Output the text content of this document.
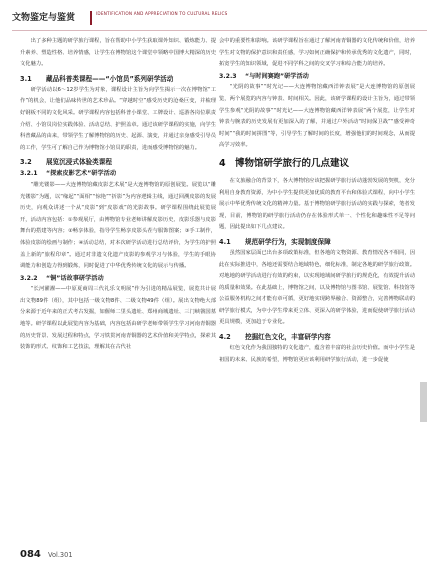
文物鉴定与鉴赏	IDENTIFICATION AND APPRECIATION TO CULTURAL RELICS

出了多种主题的研学旅行课程，旨在帮助中小学生获取课外知识、锻炼能力、提升素养、塑造性格、培养情感，让学生在博物馆这个课堂中领略中国博大精深的历史文化魅力。

3.1 藏品科普类课程——“小馆员”系列研学活动

研学活动以6～12岁学生为对象，课程设计主旨为向学生揭示一次在博物馆“工作”的机会，让他们品味传世的艺术珍品。“穿越时空”感受历史的沧桑巨变，并梳理好钢板不同的文化风采。研学课程内容包括科普小课堂、工牌设计、巡游各岗位职责介绍、小馆员岗位实践体验、活动总结、护照盖章。通过该研学课程的实施，向学生科普藏品的由来，带领学生了解博物馆的历史、起源、演变，并通过亲身感受引导员的工作，学生可了解自己作为博物馆小馆员的职责，进而感受博物馆的魅力。

3.2 展览沉浸式体验类课程
3.2.1 “探索皮影艺术”研学活动

“雕光镂影——大连博物馆藏皮影艺术展”是大连博物馆的原创展览。展览以“雕光镂影”为题，以“缘起”“面相”“惊艳”“折影”为内容逻辑主线，通过回溯皮影的发展历史，向观众讲述一个从“皮影”到“皮影戏”的光影故事。研学课程围绕此展览展开，活动内容包括：①参观展厅，由博物馆专业老师讲解皮影历史、皮影乐器与皮影舞台的搭建等内容；②畅享体验，指导学生畅享皮影头茬与服饰图案；③手工制作，体验皮影的绘画与制作；④活动总结，对本次研学活动进行总结评价，为学生的护照盖上新的“旅程印章”。通过对非遗文化遗产皮影的参观学习与体验，学生的手眼协调能力和创造力得到锻炼，同时促进了中华优秀传统文化的展示与传播。

3.2.2 “铜”话故事研学活动

“长河濯濯——中原夏商周三代礼乐文明展”作为引进的精品展览，展览共计展出文物89件（组），其中包括一级文物8件、二级文物49件（组）。展出文物绝大部分来源于近年来的正式考古发掘，如偃师二里头遗址、郑州商城遗址、三门峡虢国墓地等。研学课程以此展览内容为基础，内容包括由研学老师带领学生学习河南青铜器的历史背景、发展过程和特点，学习铁贯河南青铜器的艺术价值和美学特点，探索其装饰的形式、纹饰和工艺技法，理解其在古代社

会中的重要性和影响。该研学课程旨在通过了解河南青铜器的文化传统和价值，培养学生对文物的保护意识和责任感，学习如何正确保护和传承优秀的文化遗产，同时，拓宽学生的知识领域，促进不同学科之间的交叉学习和综合能力的培养。

3.2.3 “与时间赛跑”研学活动

“光阴的故事”“时光记——大连博物馆藏西洋钟表展”是大连博物馆的原创展览，两个展览的内容与钟表、时间相关。因此，该研学课程的设计主旨为，通过带领学生参观“光阴的故事”“时光记——大连博物馆藏西洋钟表展”两个展览，让学生对钟表与腕表的历史发展有更加深入的了解，并通过户外活动“时间保卫战”“感受神奇时间”“我的时间拼图”等，引导学生了解时间的长度，增强他们的时间观念，从而提高学习效率。

4 博物馆研学旅行的几点建议

在文旅融合的背景下，各大博物馆应该把握研学旅行活动蓬勃发展的契机，充分利用自身教育资源，为中小学生提供更加优质的教育平台和体验式课程，向中小学生展示中华优秀传统文化的精神力量。基于博物馆研学旅行活动的实践与探索，笔者发现，目前，博物馆的研学旅行活动仍存在体验形式单一、个性化和趣味性不足等问题，因此提出如下几点建议。

4.1 规范研学行为，实现制度保障

虽然国家层面已出台多项政策标准，但各地的文物资源、教育情况各不相同，因此在实际推进中，各地还需要结合地域特色，细化标准，制定各地的研学旅行政策。对地地的研学活动进行有效的约束，以实现地域间研学旅行的规范化，有效提升活动的质量和效果。在此基础上，博物馆之间，以及博物馆与图书馆、展览馆、科技馆等公益服务机构之间才能有章可循，更好地实现跨界融合、资源整合，完善博物联动的研学旅行模式，为中小学生带来更立体、更深入的研学体验，进而促使研学旅行活动更具规模，更加趋于专业化。

4.2 挖掘红色文化，丰富研学内容

红色文化作为我国独特的文化遗产，蕴含着丰富的社会历史价值。而中小学生是祖国的未来、民族的希望，博物馆更应该利用研学旅行活动，进一步促使

084 Vol.301
